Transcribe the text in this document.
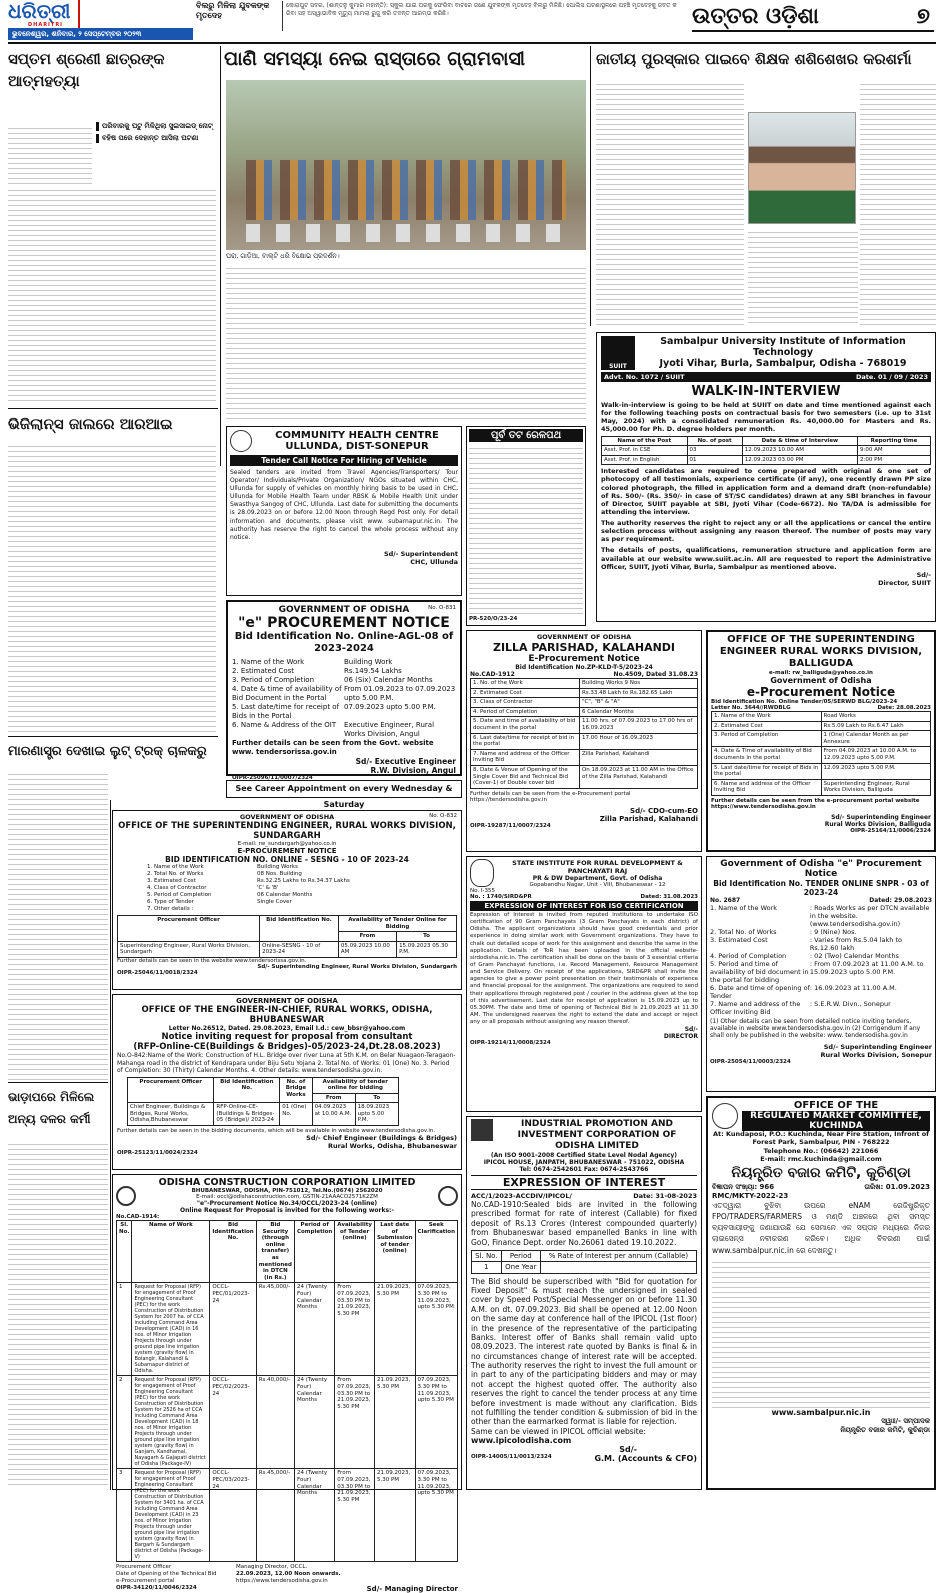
ଧରିତ୍ରୀ
DHARITRI
ବିଲରୁ ମିଳିଲା ଯୁବକଙ୍କ ମୃତଦେହ
କୋରାପୁଟ ସଦର, (ଶାନ୍ତନୁ କୁମାର ମହାନ୍ତି): ସ୍କୁଲ ଯାଇ ଘରକୁ ଫେରିବା ବାଟରେ ଜଣେ ଯୁବକଙ୍କ ମୃତଦେହ ବିଲରୁ ମିଳିଛି। ପୋଲିସ ଘଟଣାସ୍ଥଳରେ ପହଞ୍ଚି ମୃତଦେହକୁ ଜବତ କରିବା ସହ ଅସ୍ୱାଭାବିକ ମୃତ୍ୟୁ ମାମଲା ରୁଜୁ କରି ତଦନ୍ତ ଆରମ୍ଭ କରିଛି।	ଉତ୍ତର ଓଡ଼ିଶା	୭
ଭୁବନେଶ୍ୱର, ଶନିବାର, ୨ ସେପ୍ଟେମ୍ବର ୨୦୨୩
ସପ୍ତମ ଶ୍ରେଣୀ ଛାତ୍ରଙ୍କ ଆତ୍ମହତ୍ୟା
ପାଣି ସମସ୍ୟା ନେଇ ରାସ୍ତାରେ ଗ୍ରାମବାସୀ	ଜାତୀୟ ପୁରସ୍କାର ପାଇବେ ଶିକ୍ଷକ ଶଶିଶେଖର କରଶର୍ମା
ପରିବାରକୁ ଘଟୁ ମିଳିଥିଲା ସୁଇସାଇଡ୍ ନୋଟ୍
ବହିଷ ପରେ ଦେହାନ୍ତ ଆସିଲା ଘଟଣା
ଭିଜିଲାନ୍ସ ଜାଲରେ ଆରଆଇ
ମାରଣାସ୍ତ୍ର ଦେଖାଇ ଲୁଟ୍ ଟ୍ରକ୍ ଚାଳକରୁ
ଭାଡ଼ାପରେ ମିଳିଲେ ଅନ୍ୟ ଦଳର କର୍ମୀ
ଘରା, ଗାଡ଼ିଆ, ବାଲ୍ଟି ଧରି ବିକ୍ଷୋଭ ପ୍ରଦର୍ଶନ।
COMMUNITY HEALTH CENTRE
ULLUNDA, DIST-SONEPUR
Tender Call Notice For Hiring of Vehicle
Sealed tenders are invited from Travel Agencies/Transporters/ Tour Operator/ Individuals/Private Organization/ NGOs situated within CHC, Ullunda for supply of vehicles on monthly hiring basis to be used in CHC, Ullunda for Mobile Health Team under RBSK & Mobile Health Unit under Swasthya Sangog of CHC, Ullunda. Last date for submitting the documents is 28.09.2023 on or before 12.00 Noon through Regd Post only. For detail information and documents, please visit www. subarnapur.nic.in. The authority has reserve the right to cancel the whole process without any notice.
Sd/- Superintendent
CHC, Ullunda
ପୂର୍ବ ତଟ ରେଳପଥ
PR-520/O/23-24
SUIIT
Sambalpur University Institute of Information Technology
Jyoti Vihar, Burla, Sambalpur, Odisha - 768019
Advt. No. 1072 / SUIIT	Date. 01 / 09 / 2023
WALK-IN-INTERVIEW
Walk-in-interview is going to be held at SUIIT on date and time mentioned against each for the following teaching posts on contractual basis for two semesters (i.e. up to 31st May, 2024) with a consolidated remuneration Rs. 40,000.00 for Masters and Rs. 45,000.00 for Ph. D. degree holders per month.
Name of the Post	No. of post	Date & time of Interview	Reporting time
Asst. Prof. in CSE	03	12.09.2023 10.00 AM	9:00 AM
Asst. Prof. in English	01	12.09.2023 03.00 PM	2:00 PM
Interested candidates are required to come prepared with original & one set of photocopy of all testimonials, experience certificate (if any), one recently drawn PP size colored photograph, the filled in application form and a demand draft (non-refundable) of Rs. 500/- (Rs. 350/- in case of ST/SC candidates) drawn at any SBI branches in favour of Director, SUIIT payable at SBI, Jyoti Vihar (Code-6672). No TA/DA is admissible for attending the interview.
The authority reserves the right to reject any or all the applications or cancel the entire selection process without assigning any reason thereof. The number of posts may vary as per requirement.
The details of posts, qualifications, remuneration structure and application form are available at our website www.suiit.ac.in. All are requested to report the Administrative Officer, SUIIT, Jyoti Vihar, Burla, Sambalpur as mentioned above.
Sd/-
Director, SUIIT
GOVERNMENT OF ODISHA	No. O-831
"e" PROCUREMENT NOTICE
Bid Identification No. Online-AGL-08 of 2023-2024
1. Name of the Work	Building Work
2. Estimated Cost	Rs.149.54 Lakhs
3. Period of Completion	06 (Six) Calendar Months
4. Date & time of availability of Bid Document in the Portal
From 01.09.2023 to 07.09.2023 upto 5.00 P.M.
5. Last date/time for receipt of Bids in the Portal
07.09.2023 upto 5.00 P.M.
6. Name & Address of the OIT	Executive Engineer, Rural Works Division, Angul
Further details can be seen from the Govt. website www. tendersorissa.gov.in
Sd/- Executive Engineer
R.W. Division, Angul
OIPR-25096/11/0007/2324
See Career Appointment on every Wednesday & Saturday
GOVERNMENT OF ODISHA
ZILLA PARISHAD, KALAHANDI
E-Procurement Notice
Bid Identification No.ZP-KLD-T-5/2023-24
No.CAD-1912	No.4509, Dated 31.08.23
1. No. of the Work	Building Works 9 Nos
2. Estimated Cost	Rs.33.48 Lakh to Rs.182.65 Lakh
3. Class of Contractor	"C", "B" & "A"
4. Period of Completion	6 Calendar Months
5. Date and time of availability of bid document in the portal	11.00 hrs. of 07.09.2023 to 17.00 hrs of 16.09.2023
6. Last date/time for receipt of bid in the portal	17.00 Hour of 16.09.2023
7. Name and address of the Officer Inviting Bid	Zilla Parishad, Kalahandi
8. Date & Venue of Opening of the Single Cover Bid and Technical Bid (Cover-1) of Double cover bid	On 18.09.2023 at 11.00 AM in the Office of the Zilla Parishad, Kalahandi
Further details can be seen from the e-Procurement portal https://tendersodisha.gov.in
Sd/- CDO-cum-EO
Zilla Parishad, Kalahandi
OIPR-19287/11/0007/2324
OFFICE OF THE SUPERINTENDING ENGINEER RURAL WORKS DIVISION, BALLIGUDA
e-mail: rw_balliguda@yahoo.co.in
Government of Odisha
e-Procurement Notice
Bid Identification No. Online Tender/05/SERWD BLG/2023-24
Letter No. 3644//RWDBLG	Date: 28.08.2023
1. Name of the Work	Road Works
2. Estimated Cost	Rs.5.09 Lakh to Rs.6.47 Lakh
3. Period of Completion	1 (One) Calendar Month as per Annexure
4. Date & Time of availability of Bid documents in the portal	From 04.09.2023 at 10.00 A.M. to 12.09.2023 upto 5.00 P.M.
5. Last date/time for receipt of Bids in the portal	12.09.2023 upto 5.00 P.M.
6. Name and address of the Officer Inviting Bid	Superintending Engineer, Rural Works Division, Balliguda
Further details can be seen from the e-procurement portal website https://www.tendersodisha.gov.in
Sd/- Superintending Engineer
Rural Works Division, Balliguda
OIPR-25164/11/0006/2324
GOVERNMENT OF ODISHA	No. O-832
OFFICE OF THE SUPERINTENDING ENGINEER, RURAL WORKS DIVISION, SUNDARGARH
E-mail: rw_sundargarh@yahoo.co.in
E-PROCUREMENT NOTICE
BID IDENTIFICATION NO. ONLINE - SESNG - 10 OF 2023-24
1. Name of the Work	Building Works
2. Total No. of Works	08 Nos. Building
3. Estimated Cost	Rs.32.25 Lakhs to Rs.34.37 Lakhs
4. Class of Contractor	'C' & 'B'
5. Period of Completion	06 Calendar Months
6. Type of Tender	Single Cover
7. Other details :
Procurement Officer	Bid Identification No.	Availability of Tender Online for Bidding	
		From	To
Superintending Engineer, Rural Works Division, Sundargarh	Online-SESNG - 10 of 2023-24	05.09.2023 10.00 AM	15.09.2023 05.30 P.M.
Further details can be seen in the website www.tendersorissa.gov.in.
Sd/- Superintending Engineer, Rural Works Division, Sundargarh
OIPR-25046/11/0018/2324
STATE INSTITUTE FOR RURAL DEVELOPMENT & PANCHAYATI RAJ
PR & DW Department, Govt. of Odisha
Gopabandhu Nagar, Unit - VIII, Bhubaneswar - 12
No. I-355
No. : 1740/SIRD&PR	Dated: 31.08.2023
EXPRESSION OF INTEREST FOR ISO CERTIFICATION
Expression of Interest is invited from reputed institutions to undertake ISO certification of 90 Gram Panchayats (3 Gram Panchayats in each district) of Odisha. The applicant organizations should have good credentials and prior experience in doing similar work with Government organizations. They have to chalk out detailed scope of work for this assignment and describe the same in the application. Details of ToR has been uploaded in the official website- sirdodisha.nic.in. The certification shall be done on the basis of 3 essential criteria of Gram Panchayat functions, i.e. Record Management, Resource Management and Service Delivery. On receipt of the applications, SIRD&PR shall invite the agencies to give a power point presentation on their testimonials of experience and financial proposal for the assignment. The organizations are required to send their applications through registered post / courier in the address given at the top of this advertisement. Last date for receipt of application is 15.09.2023 up to 05.30PM. The date and time of opening of Technical Bid is 21.09.2023 at 11.30 AM. The undersigned reserves the right to extend the date and accept or reject any or all proposals without assigning any reason thereof.
Sd/-
DIRECTOR
OIPR-19214/11/0008/2324
Government of Odisha "e" Procurement Notice
Bid Identification No. TENDER ONLINE SNPR - 03 of 2023-24
No. 2687	Dated: 29.08.2023
1. Name of the Work	: Roads Works as per DTCN available in the website. (www.tendersodisha.gov.in)
2. Total No. of Works	: 9 (Nine) Nos.
3. Estimated Cost	: Varies from Rs.5.04 lakh to Rs.12.60 lakh
4. Period of Completion	: 02 (Two) Calendar Months
5. Period and time of availability of bid document in the portal for bidding
: From 07.09.2023 at 11.00 A.M. to 15.09.2023 upto 5.00 P.M.
6. Date and time of opening of Tender
: 16.09.2023 at 11.00 A.M.
7. Name and address of the Officer Inviting Bid
: S.E.R.W. Divn., Sonepur
(1) Other details can be seen from detailed notice inviting tenders, available in website www.tendersodisha.gov.in (2) Corrigendum if any shall only be published in the website: www. tendersodisha.gov.in
Sd/- Superintending Engineer
Rural Works Division, Sonepur
OIPR-25054/11/0003/2324
GOVERNMENT OF ODISHA
OFFICE OF THE ENGINEER-IN-CHIEF, RURAL WORKS, ODISHA, BHUBANESWAR
Letter No.26512, Dated. 29.08.2023, Email I.d.: cew_bbsr@yahoo.com
Notice inviting request for proposal from consultant
(RFP-Online-CE(Buildings & Bridges)-05/2023-24,Dt.28.08.2023)
No.O-842:Name of the Work: Construction of H.L. Bridge over river Luna at 5th K.M. on Belar Nuagaon-Teragaon-Mahanga road in the district of Kendrapara under Biju Setu Yojana 2. Total No. of Works: 01 (One) No. 3. Period of Completion: 30 (Thirty) Calendar Months. 4. Other details: www.tendersodisha.gov.in.
Procurement Officer	Bid Identification No.	No. of Bridge Works	Availability of tender online for bidding	
			From	To
Chief Engineer, Buildings & Bridges, Rural Works, Odisha,Bhubaneswar	RFP-Online-CE-(Buildings & Bridges-05 (Bridge)/ 2023-24	01 (One) No.	04.09.2023 at 10.00 A.M.	18.09.2023 upto 5.00 P.M.
Further details can be seen in the bidding documents, which will be available in website www.tendersodisha.gov.in.
Sd/- Chief Engineer (Buildings & Bridges)
Rural Works, Odisha, Bhubaneswar
OIPR-25123/11/0024/2324
INDUSTRIAL PROMOTION AND INVESTMENT CORPORATION OF ODISHA LIMITED
(An ISO 9001-2008 Certified State Level Nodal Agency)
IPICOL HOUSE, JANPATH, BHUBANESWAR - 751022, ODISHA
Tel: 0674-2542601 Fax: 0674-2543766
EXPRESSION OF INTEREST
ACC/1/2023-ACCDIV/IPICOL/	Date: 31-08-2023
No.CAD-1910:Sealed bids are invited in the following prescribed format for rate of interest (Callable) for fixed deposit of Rs.13 Crores (Interest compounded quarterly) from Bhubaneswar based empanelled Banks in line with GoO, Finance Dept. order No.26061 dated 19.10.2022.
Sl. No.	Period	% Rate of Interest per annum (Callable)
1	One Year	
The Bid should be superscribed with "Bid for quotation for Fixed Deposit" & must reach the undersigned in sealed cover by Speed Post/Special Messenger on or before 11.30 A.M. on dt. 07.09.2023. Bid shall be opened at 12.00 Noon on the same day at conference hall of the IPICOL (1st floor) in the presence of the representative of the participating Banks. Interest offer of Banks shall remain valid upto 08.09.2023. The interest rate quoted by Banks is final & in no circumstances change of interest rate will be accepted. The authority reserves the right to invest the full amount or in part to any of the participating bidders and may or may not accept the highest quoted offer. The authority also reserves the right to cancel the tender process at any time before investment is made without any clarification. Bids not fulfilling the tender condition & submission of bid in the other than the earmarked format is liable for rejection.
Same can be viewed in IPICOL official website:
www.ipicolodisha.com
Sd/-
OIPR-14005/11/0013/2324	G.M. (Accounts & CFO)
OFFICE OF THE
REGULATED MARKET COMMITTEE, KUCHINDA
At: Kundaposi, P.O.: Kuchinda, Near Fire Station, Infront of Forest Park, Sambalpur, PIN - 768222
Telephone No.: (06642) 221066
E-mail: rmc.kuchinda@gmail.com
ନିୟନ୍ତ୍ରିତ ବଜାର କମିଟି, କୁଚିଣ୍ଡା
ବିଜ୍ଞାପନ ସଂଖ୍ୟା: 966	ତାରିଖ: 01.09.2023
RMC/MKTY-2022-23
ଏତଦ୍ୱାରା ବୁଝିବା ଉପରେ eNAM ରେଜିଷ୍ଟ୍ରିକୃତ FPO/TRADERS/FARMERS ଓ ମଣ୍ଡି ଅଞ୍ଚଳରେ ଥିବା ସମସ୍ତ ବ୍ୟବସାୟୀଙ୍କୁ ଜଣାଯାଉଛି ଯେ ସେମାନେ ଏକ ସପ୍ତାହ ମଧ୍ୟରେ ନିଜର ଲାଇସେନ୍ସ ନବୀକରଣ କରିବେ। ଅଧିକ ବିବରଣୀ ପାଇଁ www.sambalpur.nic.in ରେ ଦେଖନ୍ତୁ।
www.sambalpur.nic.in
ସ୍ୱାଃ/- ସମ୍ପାଦକ
ନିୟନ୍ତ୍ରିତ ବଜାର କମିଟି, କୁଚିଣ୍ଡା
ODISHA CONSTRUCTION CORPORATION LIMITED
BHUBANESWAR, ODISHA, PIN-751012, Tel.No.(0674) 2562020
E-mail: occl@odishaconstruction.com, GSTIN-21AAACO2571K2ZM
"e"-Procurement Notice No.34/OCCL/2023-24 (online)
Online Request for Proposal is invited for the following works:-
No.CAD-1914:
Sl. No.	Name of Work	Bid Identification No.	Bid Security (through online transfer) as mentioned in DTCN (in Rs.)	Period of Completion	Availability of Tender (online)	Last date of Submission of tender (online)	Seek Clarification
1	Request for Proposal (RFP) for engagement of Proof Engineering Consultant (PEC) for the work Construction of Distribution System for 2007 ha. of CCA including Command Area Development (CAD) in 16 nos. of Minor Irrigation Projects through under ground pipe line irrigation system (gravity flow) in Bolangir, Kalahandi & Subarnapur district of Odisha.	OCCL-PEC/01/2023-24	Rs.45,000/-	24 (Twenty Four) Calendar Months	From 07.09.2023, 03.30 PM to 21.09.2023, 5.30 PM	21.09.2023, 5.30 PM	07.09.2023, 3.30 PM to 11.09.2023, upto 5.30 PM
2	Request for Proposal (RFP) for engagement of Proof Engineering Consultant (PEC) for the work Construction of Distribution System for 2526 ha of CCA including Command Area Development (CAD) in 18 nos. of Minor Irrigation Projects through under ground pipe line irrigation system (gravity flow) in Ganjam, Kandhamal, Nayagarh & Gajapati district of Odisha (Package-IV)	OCCL-PEC/02/2023-24	Rs.40,000/-	24 (Twenty Four) Calendar Months	From 07.09.2023, 03.30 PM to 21.09.2023, 5.30 PM	21.09.2023, 5.30 PM	07.09.2023, 3.30 PM to 11.09.2023, upto 5.30 PM
3	Request for Proposal (RFP) for engagement of Proof Engineering Consultant (PEC) for the work Construction of Distribution System for 3401 ha. of CCA including Command Area Development (CAD) in 23 nos. of Minor Irrigation Projects through under ground pipe line irrigation system (gravity flow) in Bargarh & Sundargarh district of Odisha (Package-V)	OCCL-PEC/03/2023-24	Rs.45,000/-	24 (Twenty Four) Calendar Months	From 07.09.2023, 03.30 PM to 21.09.2023, 5.30 PM	21.09.2023, 5.30 PM	07.09.2023, 3.30 PM to 11.09.2023, upto 5.30 PM
Procurement Officer	Managing Director, OCCL.
Date of Opening of the Technical Bid	22.09.2023, 12.00 Noon onwards.
e-Procurement portal	https://www.tendersodisha.gov.in
OIPR-34120/11/0046/2324	Sd/- Managing Director
